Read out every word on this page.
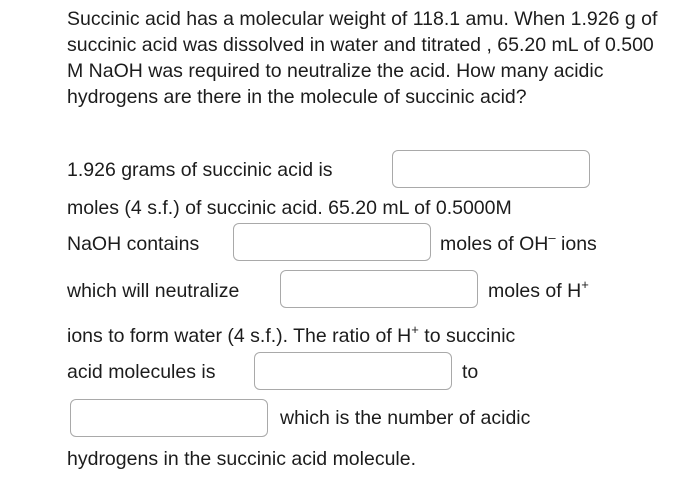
Succinic acid has a molecular weight of 118.1 amu. When 1.926 g of succinic acid was dissolved in water and titrated , 65.20 mL of 0.500 M NaOH was required to neutralize the acid. How many acidic hydrogens are there in the molecule of succinic acid?

1.926 grams of succinic acid is
moles (4 s.f.) of succinic acid. 65.20 mL of 0.5000M
NaOH contains	moles of OH‒ ions
which will neutralize	moles of H+
ions to form water (4 s.f.). The ratio of H+ to succinic
acid molecules is	to
which is the number of acidic
hydrogens in the succinic acid molecule.
